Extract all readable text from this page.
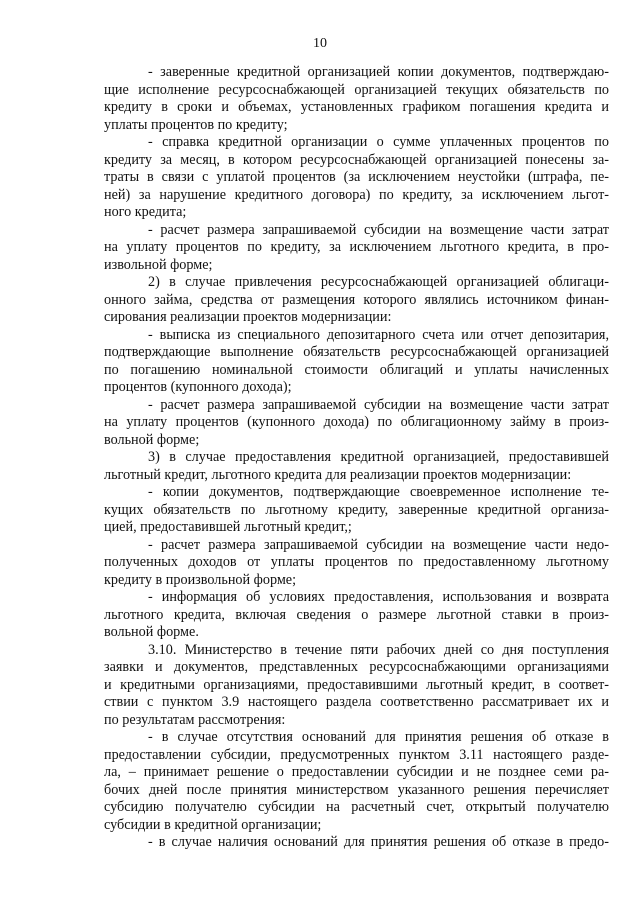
10
- заверенные кредитной организацией копии документов, подтверждаю-
щие исполнение ресурсоснабжающей организацией текущих обязательств по
кредиту в сроки и объемах, установленных графиком погашения кредита и
уплаты процентов по кредиту;
- справка кредитной организации о сумме уплаченных процентов по
кредиту за месяц, в котором ресурсоснабжающей организацией понесены за-
траты в связи с уплатой процентов (за исключением неустойки (штрафа, пе-
ней) за нарушение кредитного договора) по кредиту, за исключением льгот-
ного кредита;
- расчет размера запрашиваемой субсидии на возмещение части затрат
на уплату процентов по кредиту, за исключением льготного кредита, в про-
извольной форме;
2) в случае привлечения ресурсоснабжающей организацией облигаци-
онного займа, средства от размещения которого являлись источником финан-
сирования реализации проектов модернизации:
- выписка из специального депозитарного счета или отчет депозитария,
подтверждающие выполнение обязательств ресурсоснабжающей организацией
по погашению номинальной стоимости облигаций и уплаты начисленных
процентов (купонного дохода);
- расчет размера запрашиваемой субсидии на возмещение части затрат
на уплату процентов (купонного дохода) по облигационному займу в произ-
вольной форме;
3) в случае предоставления кредитной организацией, предоставившей
льготный кредит, льготного кредита для реализации проектов модернизации:
- копии документов, подтверждающие своевременное исполнение те-
кущих обязательств по льготному кредиту, заверенные кредитной организа-
цией, предоставившей льготный кредит,;
- расчет размера запрашиваемой субсидии на возмещение части недо-
полученных доходов от уплаты процентов по предоставленному льготному
кредиту в произвольной форме;
- информация об условиях предоставления, использования и возврата
льготного кредита, включая сведения о размере льготной ставки в произ-
вольной форме.
3.10. Министерство в течение пяти рабочих дней со дня поступления
заявки и документов, представленных ресурсоснабжающими организациями
и кредитными организациями, предоставившими льготный кредит, в соответ-
ствии с пунктом 3.9 настоящего раздела соответственно рассматривает их и
по результатам рассмотрения:
- в случае отсутствия оснований для принятия решения об отказе в
предоставлении субсидии, предусмотренных пунктом 3.11 настоящего разде-
ла, – принимает решение о предоставлении субсидии и не позднее семи ра-
бочих дней после принятия министерством указанного решения перечисляет
субсидию получателю субсидии на расчетный счет, открытый получателю
субсидии в кредитной организации;
- в случае наличия оснований для принятия решения об отказе в предо-
